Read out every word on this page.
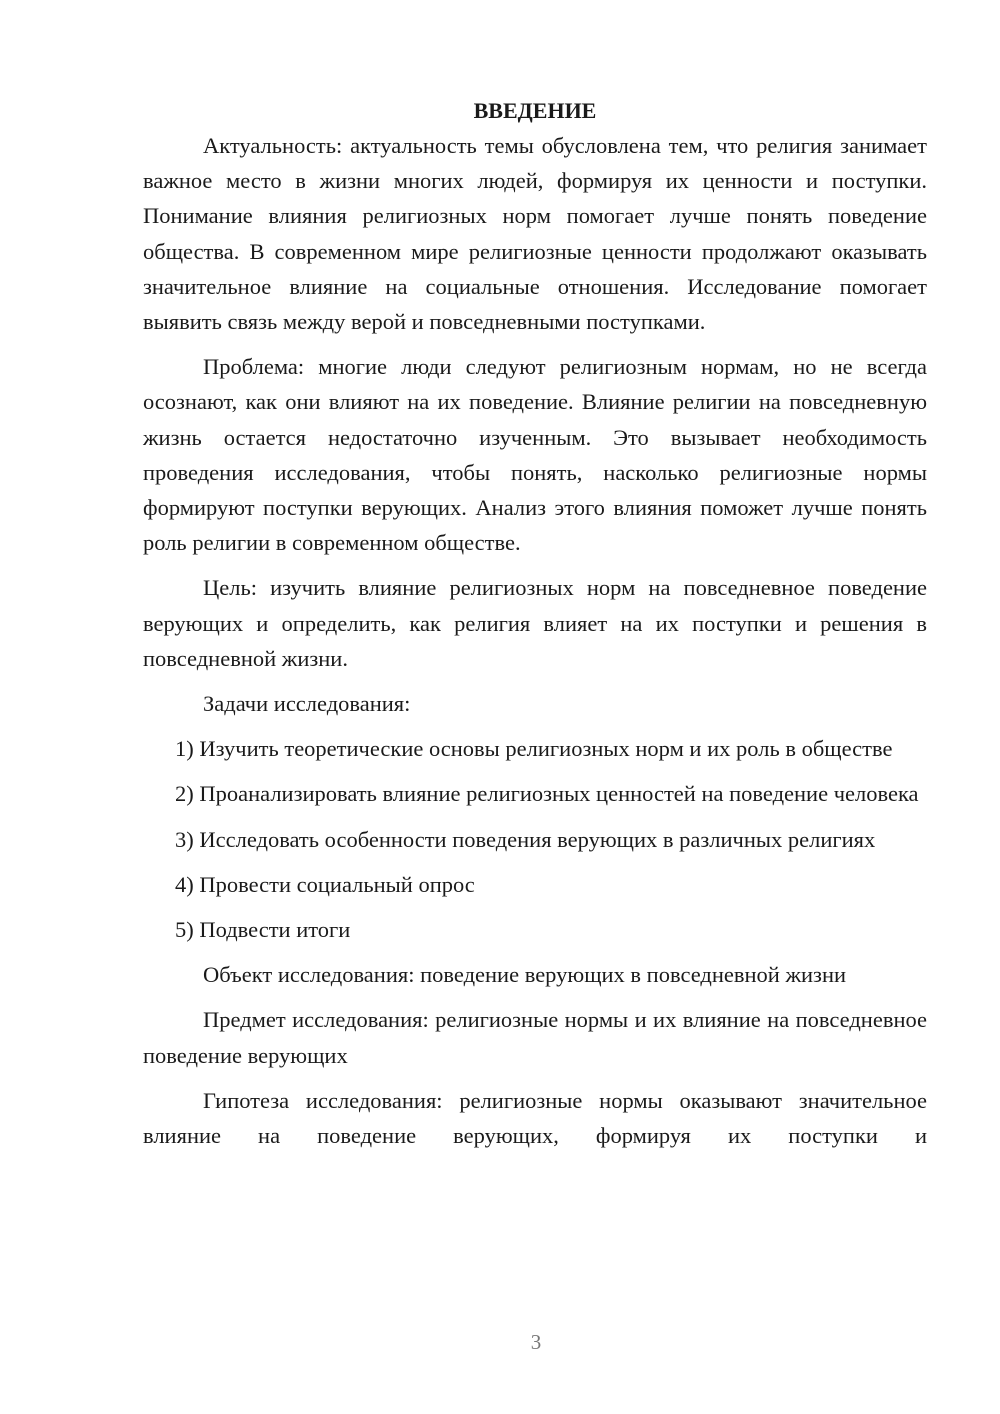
ВВЕДЕНИЕ

Актуальность: актуальность темы обусловлена тем, что религия занимает важное место в жизни многих людей, формируя их ценности и поступки. Понимание влияния религиозных норм помогает лучше понять поведение общества. В современном мире религиозные ценности продолжают оказывать значительное влияние на социальные отношения. Исследование помогает выявить связь между верой и повседневными поступками.

Проблема: многие люди следуют религиозным нормам, но не всегда осознают, как они влияют на их поведение. Влияние религии на повседневную жизнь остается недостаточно изученным. Это вызывает необходимость проведения исследования, чтобы понять, насколько религиозные нормы формируют поступки верующих. Анализ этого влияния поможет лучше понять роль религии в современном обществе.

Цель: изучить влияние религиозных норм на повседневное поведение верующих и определить, как религия влияет на их поступки и решения в повседневной жизни.

Задачи исследования:

1) Изучить теоретические основы религиозных норм и их роль в обществе

2) Проанализировать влияние религиозных ценностей на поведение человека

3) Исследовать особенности поведения верующих в различных религиях

4) Провести социальный опрос

5) Подвести итоги

Объект исследования: поведение верующих в повседневной жизни

Предмет исследования: религиозные нормы и их влияние на повседневное поведение верующих

Гипотеза исследования: религиозные нормы оказывают значительное влияние на поведение верующих, формируя их поступки и

3
